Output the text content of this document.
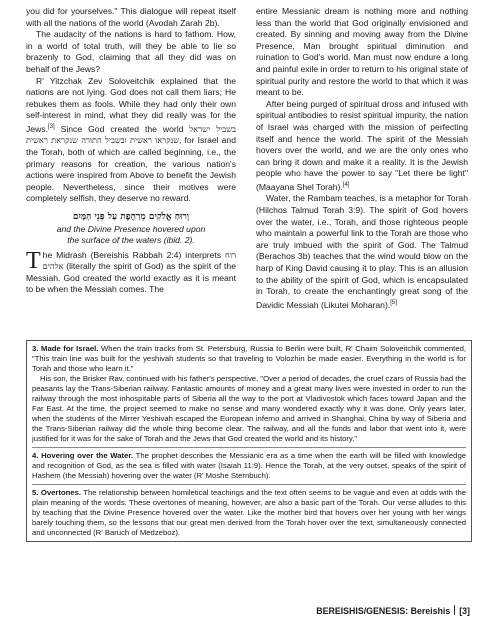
you did for yourselves." This dialogue will repeat itself with all the nations of the world (Avodah Zarah 2b).

The audacity of the nations is hard to fathom. How, in a world of total truth, will they be able to lie so brazenly to God, claiming that all they did was on behalf of the Jews?

R' Yitzchak Zev Soloveitchik explained that the nations are not lying. God does not call them liars; He rebukes them as fools. While they had only their own self-interest in mind, what they did really was for the Jews.[3] Since God created the world בשביל ישראל שנקראו ראשית ובשביל התורה שנקראת ראשית, for Israel and the Torah, both of which are called beginning, i.e., the primary reasons for creation, the various nation's actions were inspired from Above to benefit the Jewish people. Nevertheless, since their motives were completely selfish, they deserve no reward.

וְרוּחַ אֱלֹקִים מְרַחֶפֶת עַל פְּנֵי הַמָּיִם
and the Divine Presence hovered upon
the surface of the waters (ibid. 2).

The Midrash (Bereishis Rabbah 2:4) interprets רוח אלהים (literally the spirit of God) as the spirit of the Messiah. God created the world exactly as it is meant to be when the Messiah comes. The

entire Messianic dream is nothing more and nothing less than the world that God originally envisioned and created. By sinning and moving away from the Divine Presence, Man brought spiritual diminution and ruination to God's world. Man must now endure a long and painful exile in order to return to his original state of spiritual purity and restore the world to that which it was meant to be.

After being purged of spiritual dross and infused with spiritual antibodies to resist spiritual impurity, the nation of Israel was charged with the mission of perfecting itself and hence the world. The spirit of the Messiah hovers over the world, and we are the only ones who can bring it down and make it a reality. It is the Jewish people who have the power to say "Let there be light" (Maayana Shel Torah).[4]

Water, the Rambam teaches, is a metaphor for Torah (Hilchos Talmud Torah 3:9). The spirit of God hovers over the water, i.e., Torah, and those righteous people who maintain a powerful link to the Torah are those who are truly imbued with the spirit of God. The Talmud (Berachos 3b) teaches that the wind would blow on the harp of King David causing it to play. This is an allusion to the ability of the spirit of God, which is encapsulated in Torah, to create the enchantingly great song of the Davidic Messiah (Likutei Moharan).[5]

3. Made for Israel. When the train tracks from St. Petersburg, Russia to Berlin were built, R' Chaim Soloveitchik commented, "This train line was built for the yeshivah students so that traveling to Volozhin be made easier. Everything in the world is for Torah and those who learn it."

His son, the Brisker Rav, continued with his father's perspective. "Over a period of decades, the cruel czars of Russia had the peasants lay the Trans-Siberian railway. Fantastic amounts of money and a great many lives were invested in order to run the railway through the most inhospitable parts of Siberia all the way to the port at Vladivostok which faces toward Japan and the Far East. At the time, the project seemed to make no sense and many wondered exactly why it was done. Only years later, when the students of the Mirrer Yeshivah escaped the European inferno and arrived in Shanghai, China by way of Siberia and the Trans-Siberian railway did the whole thing become clear. The railway, and all the funds and labor that went into it, were justified for it was for the sake of Torah and the Jews that God created the world and its history."

4. Hovering over the Water. The prophet describes the Messianic era as a time when the earth will be filled with knowledge and recognition of God, as the sea is filled with water (Isaiah 11:9). Hence the Torah, at the very outset, speaks of the spirit of Hashem (the Messiah) hovering over the water (R' Moshe Sternbuch).

5. Overtones. The relationship between homiletical teachings and the text often seems to be vague and even at odds with the plain meaning of the words. These overtones of meaning, however, are also a basic part of the Torah. Our verse alludes to this by teaching that the Divine Presence hovered over the water. Like the mother bird that hovers over her young with her wings barely touching them, so the lessons that our great men derived from the Torah hover over the text, simultaneously connected and unconnected (R' Baruch of Medzeboz).

BEREISHIS/GENESIS: Bereishis [3]
